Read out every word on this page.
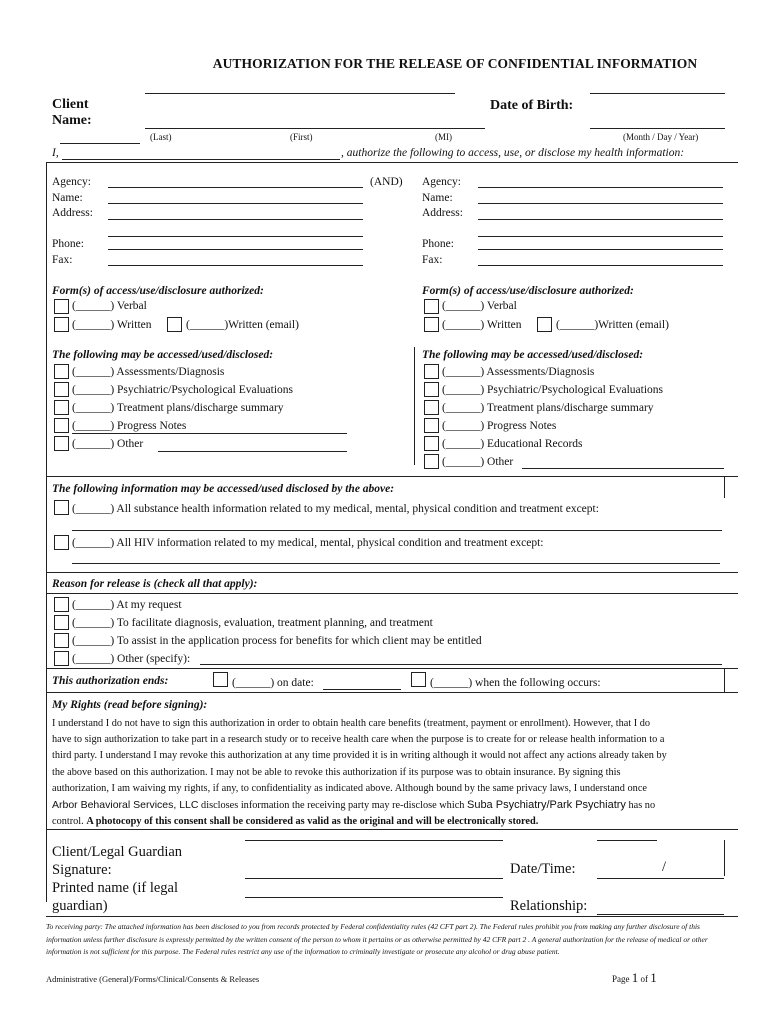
AUTHORIZATION FOR THE RELEASE OF CONFIDENTIAL INFORMATION
Client
Name:
Date of Birth:
(Last)	(First)	(MI)	(Month / Day / Year)
I,	, authorize the following to access, use, or disclose my health information:
Agency:
Name:
Address:
Phone:
Fax:
(AND) Agency:
Name:
Address:
Phone:
Fax:
Form(s) of access/use/disclosure authorized:
(______) Verbal
(______) Written	(______)Written (email)
Form(s) of access/use/disclosure authorized:
(______) Verbal
(______) Written	(______)Written (email)
The following may be accessed/used/disclosed:
(______) Assessments/Diagnosis
(______) Psychiatric/Psychological Evaluations
(______) Treatment plans/discharge summary
(______) Progress Notes
(______) Other
The following may be accessed/used/disclosed:
(______) Assessments/Diagnosis
(______) Psychiatric/Psychological Evaluations
(______) Treatment plans/discharge summary
(______) Progress Notes
(______) Educational Records
(______) Other
The following information may be accessed/used disclosed by the above:
(______) All substance health information related to my medical, mental, physical condition and treatment except:
(______) All HIV information related to my medical, mental, physical condition and treatment except:
Reason for release is (check all that apply):
(______) At my request
(______) To facilitate diagnosis, evaluation, treatment planning, and treatment
(______) To assist in the application process for benefits for which client may be entitled
(______) Other (specify):
This authorization ends:	(______) on date:	(______) when the following occurs:
My Rights (read before signing):
I understand I do not have to sign this authorization in order to obtain health care benefits (treatment, payment or enrollment). However, that I do
have to sign authorization to take part in a research study or to receive health care when the purpose is to create for or release health information to a
third party. I understand I may revoke this authorization at any time provided it is in writing although it would not affect any actions already taken by
the above based on this authorization. I may not be able to revoke this authorization if its purpose was to obtain insurance. By signing this
authorization, I am waiving my rights, if any, to confidentiality as indicated above. Although bound by the same privacy laws, I understand once
Arbor Behavioral Services, LLC discloses information the receiving party may re-disclose which Suba Psychiatry/Park Psychiatry has no
control. A photocopy of this consent shall be considered as valid as the original and will be electronically stored.
Client/Legal Guardian
Signature:
Printed name (if legal
guardian)
Date/Time:	/
Relationship:
To receiving party: The attached information has been disclosed to you from records protected by Federal confidentiality rules (42 CFT part 2). The Federal rules prohibit you from making any further disclosure of this information unless further disclosure is expressly permitted by the written consent of the person to whom it pertains or as otherwise permitted by 42 CFR part 2 . A general authorization for the release of medical or other information is not sufficient for this purpose. The Federal rules restrict any use of the information to criminally investigate or prosecute any alcohol or drug abuse patient.
Administrative (General)/Forms/Clinical/Consents & Releases	Page 1 of 1
